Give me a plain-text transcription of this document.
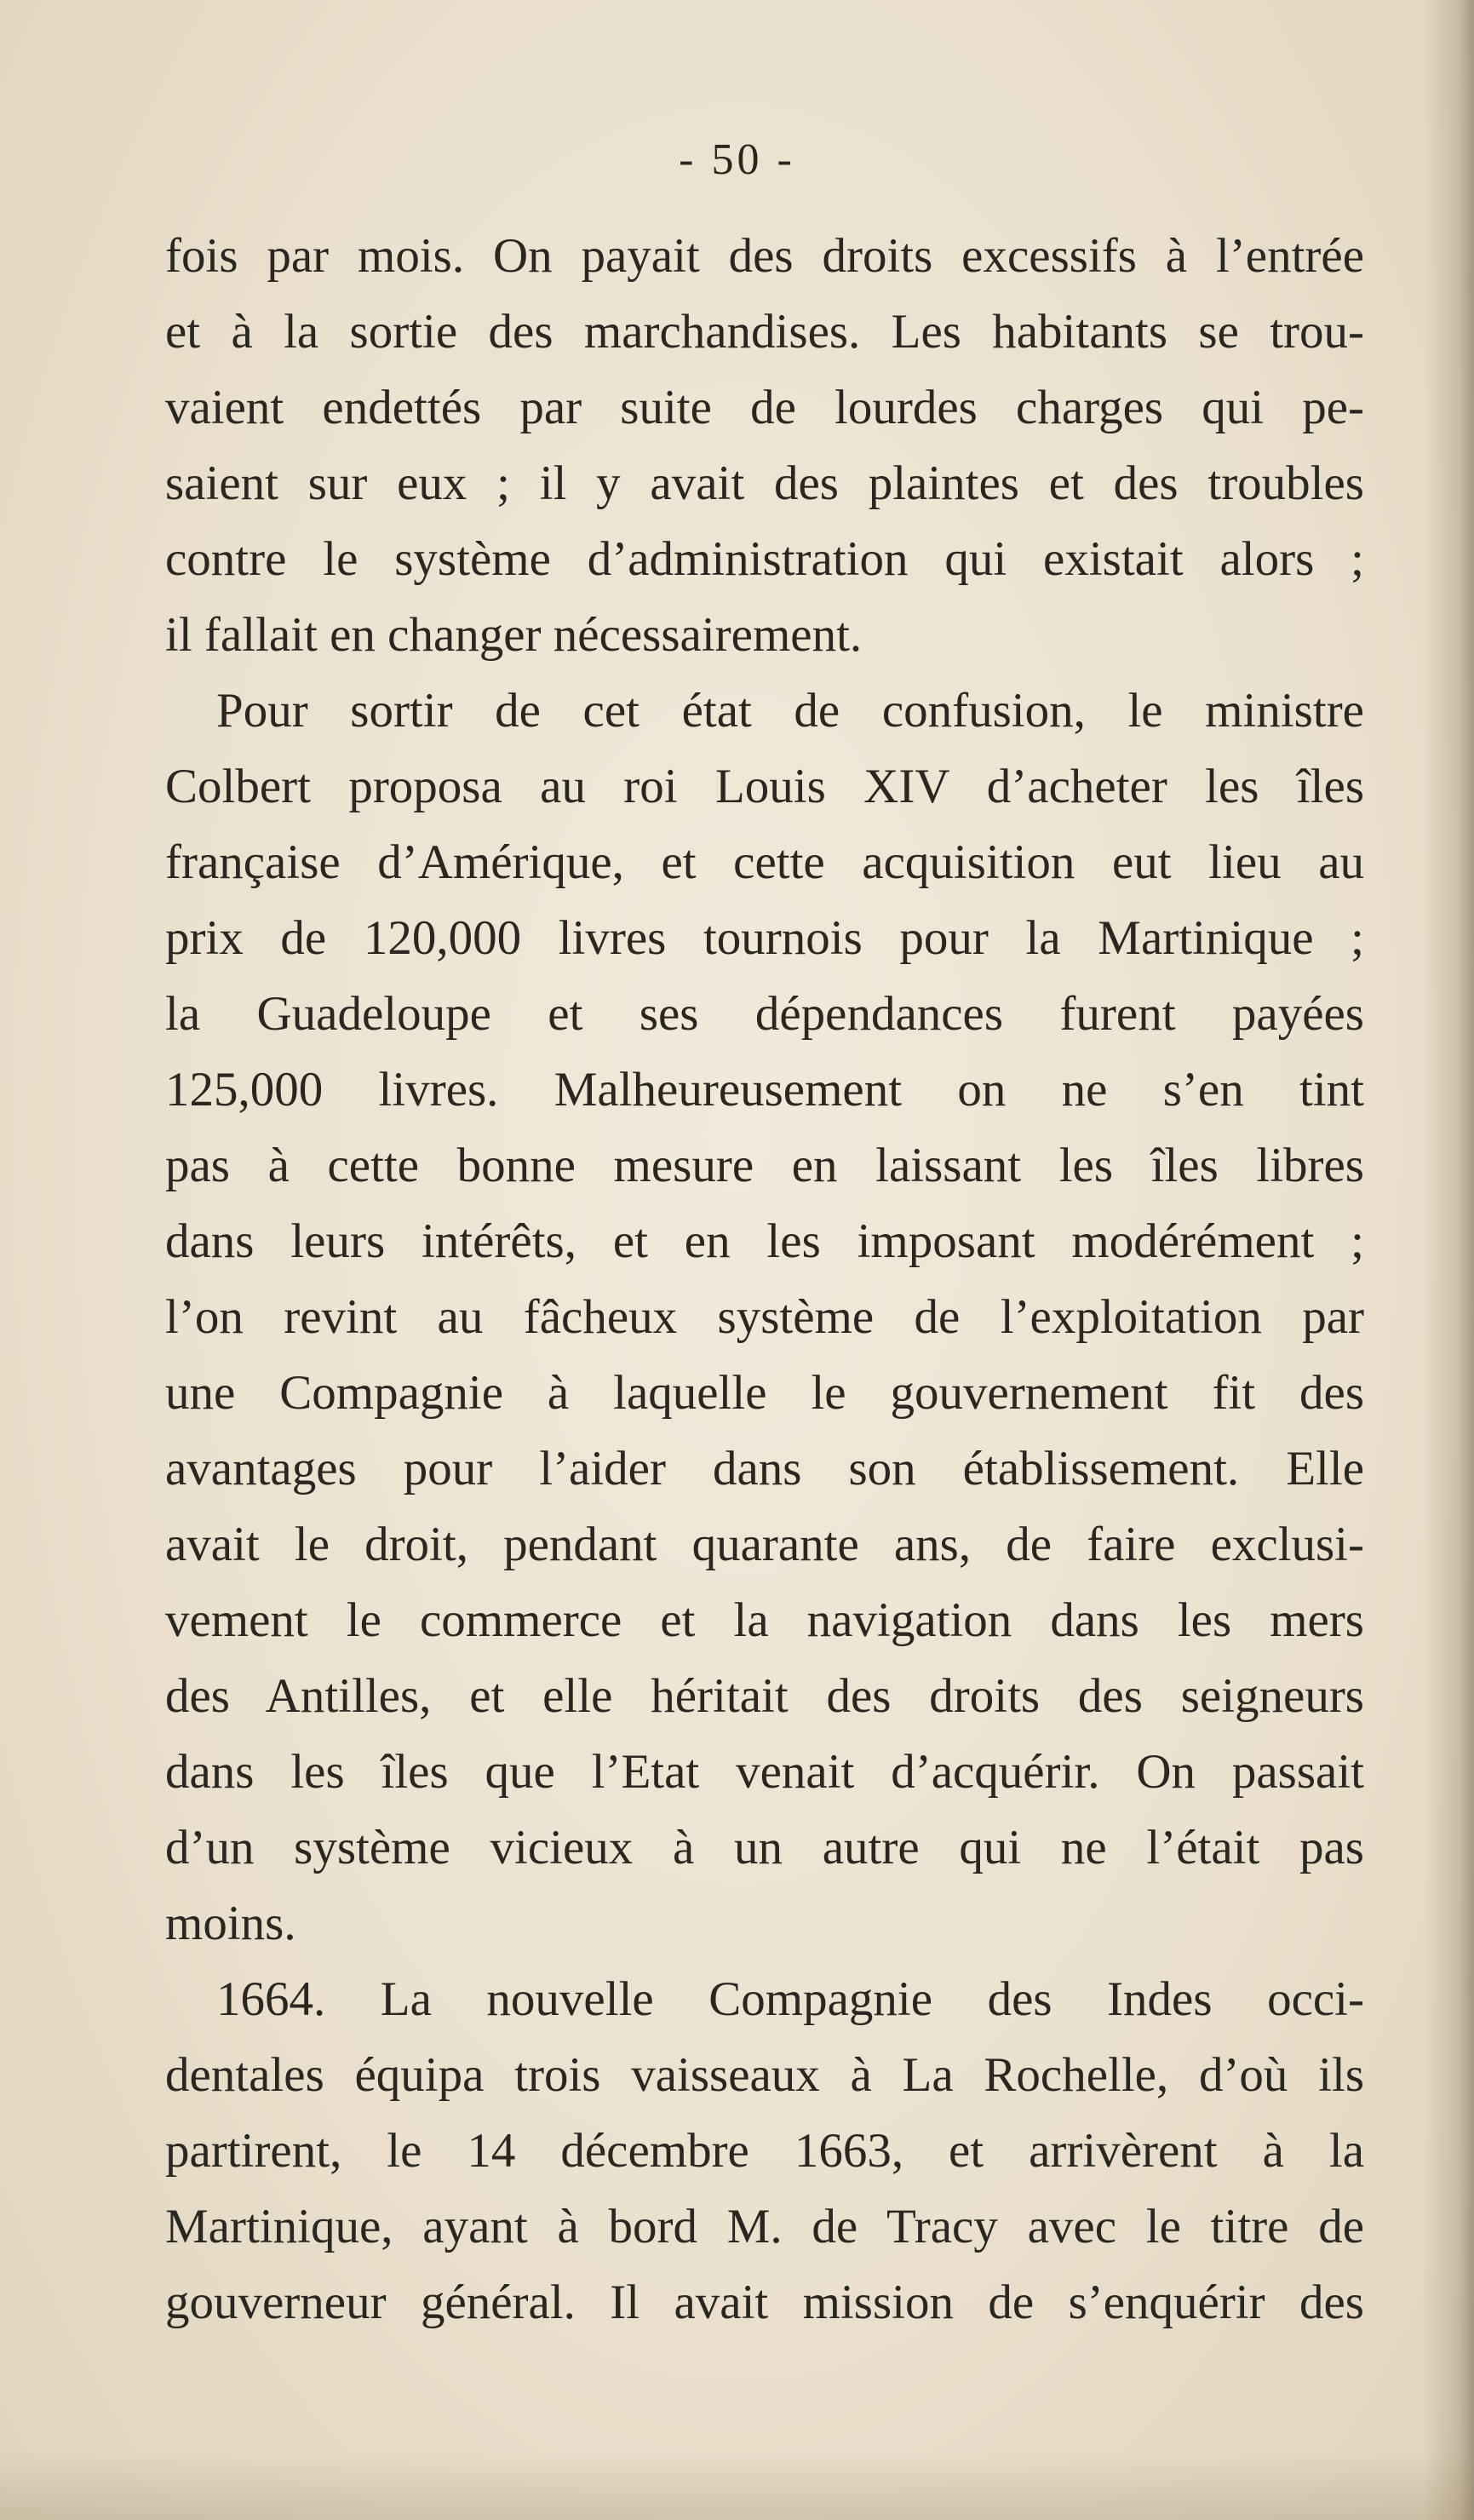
- 50 -
fois par mois. On payait des droits excessifs à l’entrée
et à la sortie des marchandises. Les habitants se trou-
vaient endettés par suite de lourdes charges qui pe-
saient sur eux ; il y avait des plaintes et des troubles
contre le système d’administration qui existait alors ;
il fallait en changer nécessairement.
Pour sortir de cet état de confusion, le ministre
Colbert proposa au roi Louis XIV d’acheter les îles
française d’Amérique, et cette acquisition eut lieu au
prix de 120,000 livres tournois pour la Martinique ;
la Guadeloupe et ses dépendances furent payées
125,000 livres. Malheureusement on ne s’en tint
pas à cette bonne mesure en laissant les îles libres
dans leurs intérêts, et en les imposant modérément ;
l’on revint au fâcheux système de l’exploitation par
une Compagnie à laquelle le gouvernement fit des
avantages pour l’aider dans son établissement. Elle
avait le droit, pendant quarante ans, de faire exclusi-
vement le commerce et la navigation dans les mers
des Antilles, et elle héritait des droits des seigneurs
dans les îles que l’Etat venait d’acquérir. On passait
d’un système vicieux à un autre qui ne l’était pas
moins.
1664. La nouvelle Compagnie des Indes occi-
dentales équipa trois vaisseaux à La Rochelle, d’où ils
partirent, le 14 décembre 1663, et arrivèrent à la
Martinique, ayant à bord M. de Tracy avec le titre de
gouverneur général. Il avait mission de s’enquérir des
